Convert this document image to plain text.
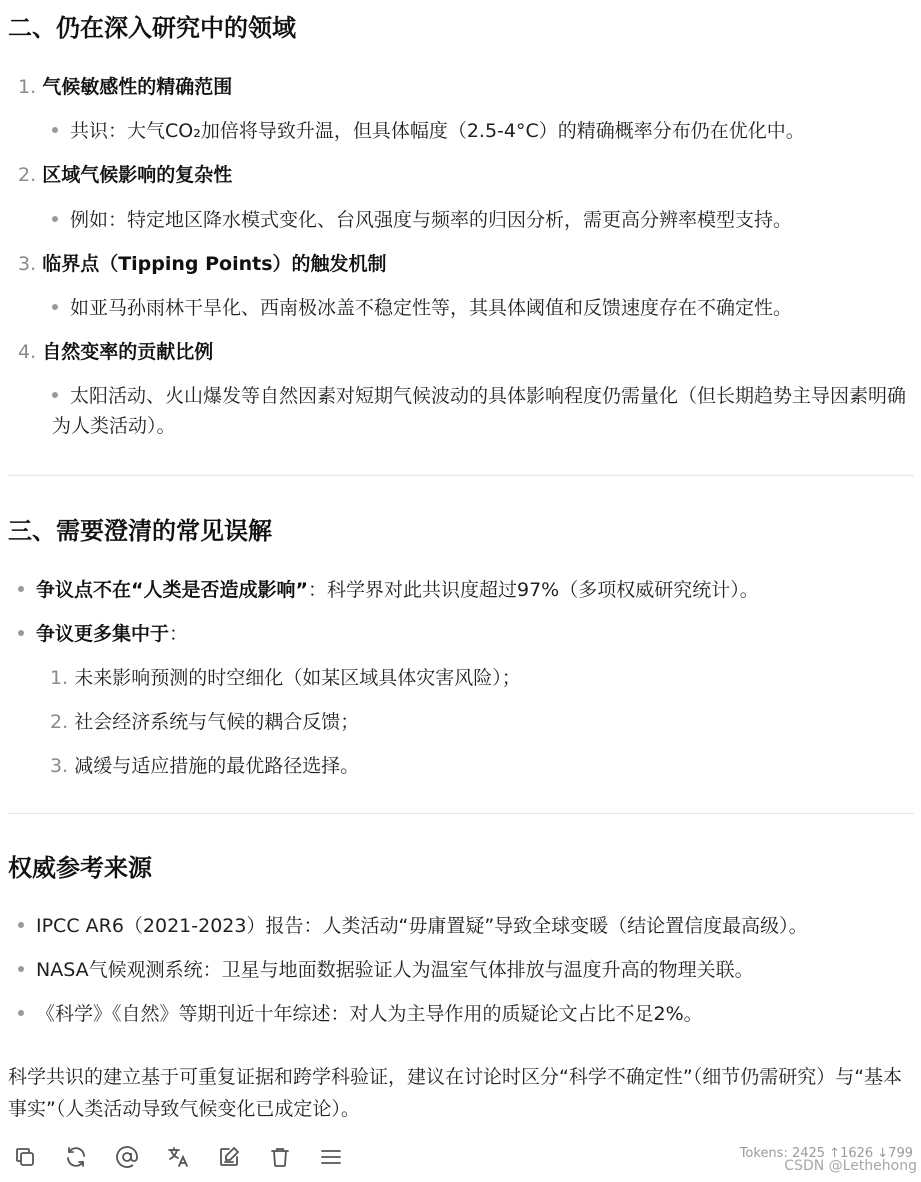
二、仍在深入研究中的领域
1. 气候敏感性的精确范围
共识：大气CO₂加倍将导致升温，但具体幅度（2.5-4°C）的精确概率分布仍在优化中。
2. 区域气候影响的复杂性
例如：特定地区降水模式变化、台风强度与频率的归因分析，需更高分辨率模型支持。
3. 临界点（Tipping Points）的触发机制
如亚马孙雨林干旱化、西南极冰盖不稳定性等，其具体阈值和反馈速度存在不确定性。
4. 自然变率的贡献比例
太阳活动、火山爆发等自然因素对短期气候波动的具体影响程度仍需量化（但长期趋势主导因素明确为人类活动）。
三、需要澄清的常见误解
争议点不在“人类是否造成影响”：科学界对此共识度超过97%（多项权威研究统计）。
争议更多集中于：
1. 未来影响预测的时空细化（如某区域具体灾害风险）；
2. 社会经济系统与气候的耦合反馈；
3. 减缓与适应措施的最优路径选择。
权威参考来源
IPCC AR6（2021-2023）报告：人类活动“毋庸置疑”导致全球变暖（结论置信度最高级）。
NASA气候观测系统：卫星与地面数据验证人为温室气体排放与温度升高的物理关联。
《科学》《自然》等期刊近十年综述：对人为主导作用的质疑论文占比不足2%。
科学共识的建立基于可重复证据和跨学科验证，建议在讨论时区分“科学不确定性”（细节仍需研究）与“基本事实”（人类活动导致气候变化已成定论）。
Tokens: 2425 ↑1626 ↓799
CSDN @Lethehong
